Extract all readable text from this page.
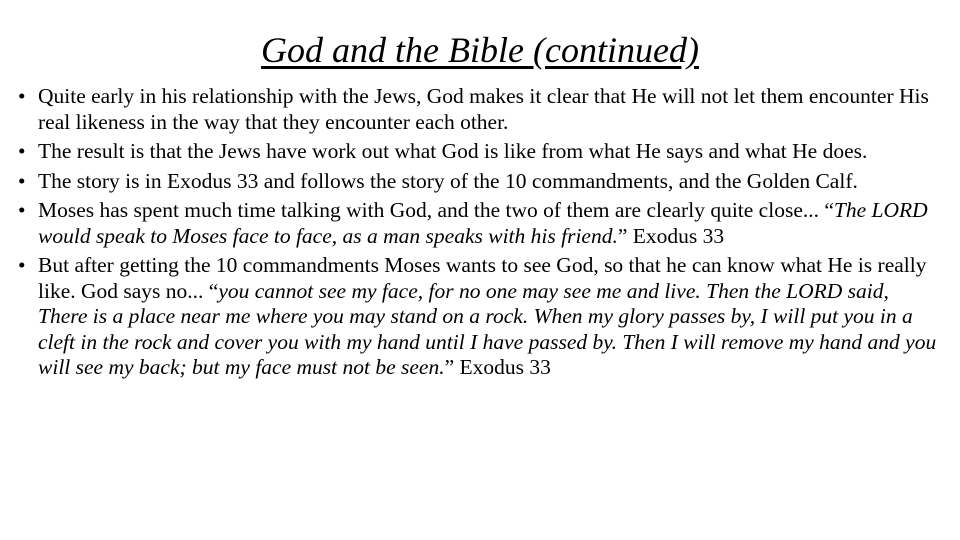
God and the Bible (continued)
• Quite early in his relationship with the Jews, God makes it clear that He will not let them encounter His real likeness in the way that they encounter each other.
• The result is that the Jews have work out what God is like from what He says and what He does.
• The story is in Exodus 33 and follows the story of the 10 commandments, and the Golden Calf.
• Moses has spent much time talking with God, and the two of them are clearly quite close... “The LORD would speak to Moses face to face, as a man speaks with his friend.” Exodus 33
• But after getting the 10 commandments Moses wants to see God, so that he can know what He is really like. God says no... “you cannot see my face, for no one may see me and live. Then the LORD said, There is a place near me where you may stand on a rock. When my glory passes by, I will put you in a cleft in the rock and cover you with my hand until I have passed by. Then I will remove my hand and you will see my back; but my face must not be seen.” Exodus 33
